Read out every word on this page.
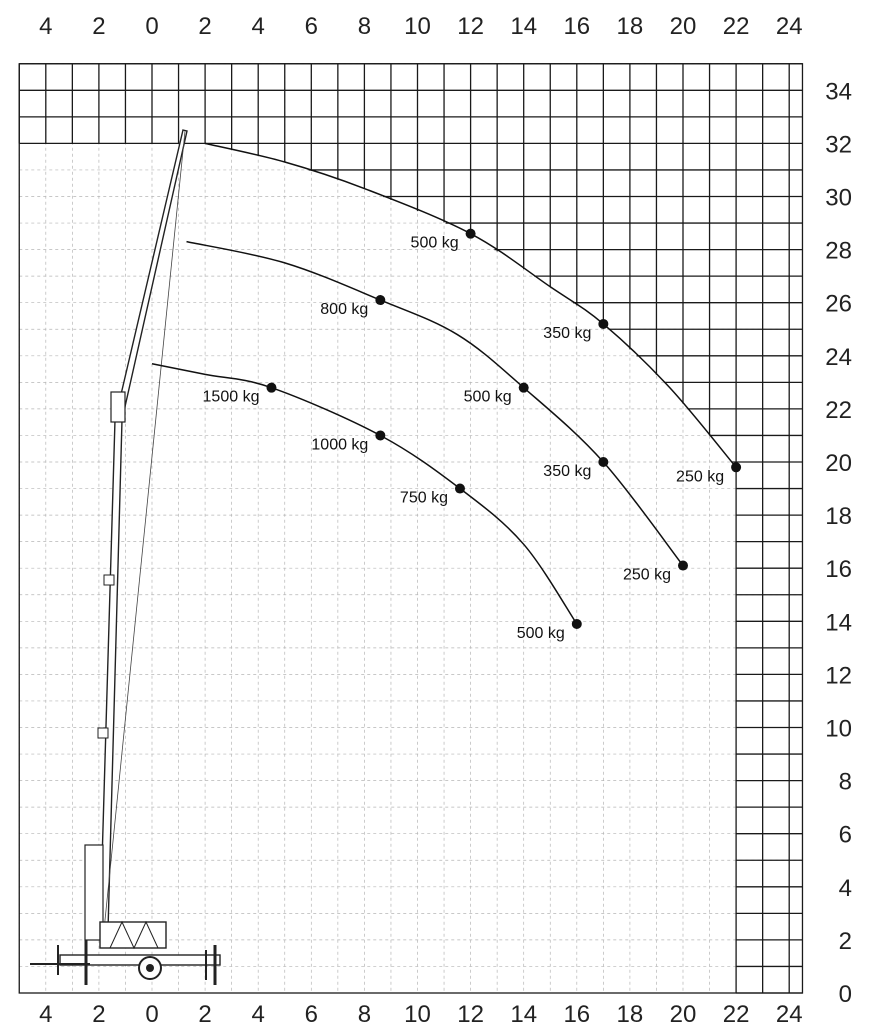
1500 kg
1000 kg
750 kg
500 kg
800 kg
500 kg
350 kg
250 kg
500 kg
350 kg
250 kg
4 2 0 2 4 6 8 10 12 14 16 18 20 22 24
4 2 0 2 4 6 8 10 12 14 16 18 20 22 24
0
2
4
6
8
10
12
14
16
18
20
22
24
26
28
30
32
34
